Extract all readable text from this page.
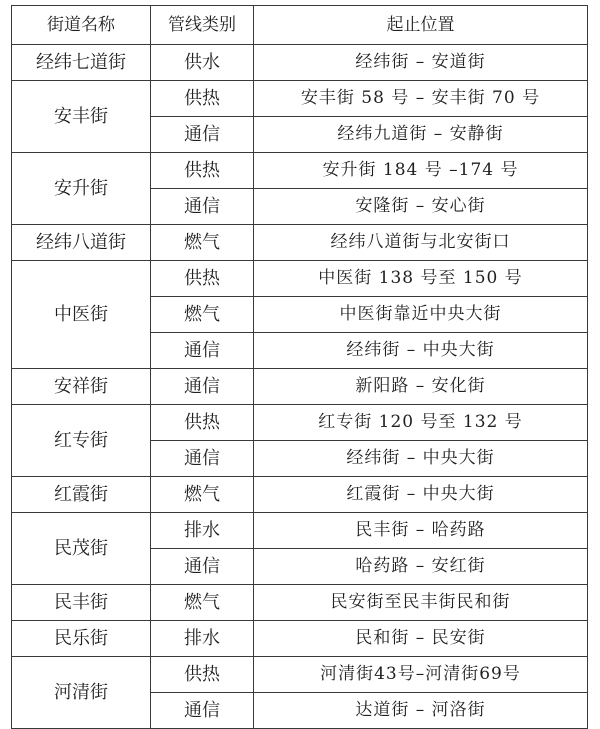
街道名称	管线类别	起止位置
经纬七道街	供水	经纬街 – 安道街
安丰街	供热	安丰街 58 号 – 安丰街 70 号
	通信	经纬九道街 – 安静街
安升街	供热	安升街 184 号 –174 号
	通信	安隆街 – 安心街
经纬八道街	燃气	经纬八道街与北安街口
中医街	供热	中医街 138 号至 150 号
	燃气	中医街靠近中央大街
	通信	经纬街 – 中央大街
安祥街	通信	新阳路 – 安化街
红专街	供热	红专街 120 号至 132 号
	通信	经纬街 – 中央大街
红霞街	燃气	红霞街 – 中央大街
民茂街	排水	民丰街 – 哈药路
	通信	哈药路 – 安红街
民丰街	燃气	民安街至民丰街民和街
民乐街	排水	民和街 – 民安街
河清街	供热	河清街43号–河清街69号
	通信	达道街 – 河洛街
